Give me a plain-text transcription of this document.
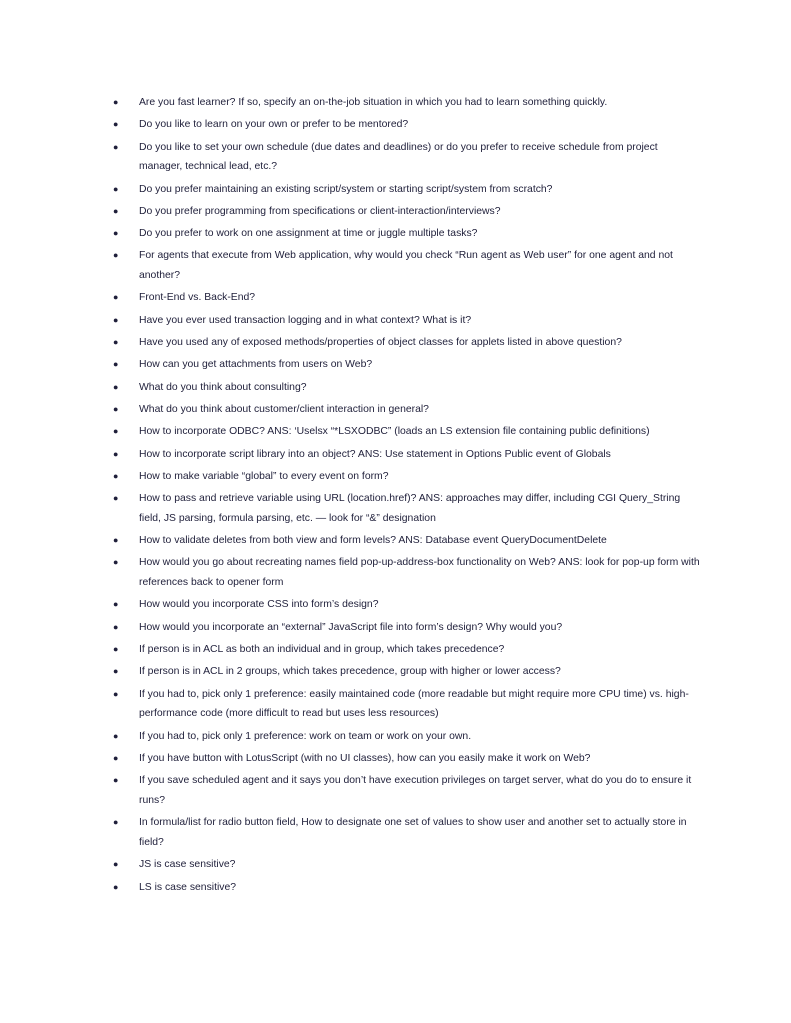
●	Are you fast learner? If so, specify an on-the-job situation in which you had to learn something quickly.
●	Do you like to learn on your own or prefer to be mentored?
●	Do you like to set your own schedule (due dates and deadlines) or do you prefer to receive schedule from project manager, technical lead, etc.?
●	Do you prefer maintaining an existing script/system or starting script/system from scratch?
●	Do you prefer programming from specifications or client-interaction/interviews?
●	Do you prefer to work on one assignment at time or juggle multiple tasks?
●	For agents that execute from Web application, why would you check “Run agent as Web user” for one agent and not another?
●	Front-End vs. Back-End?
●	Have you ever used transaction logging and in what context? What is it?
●	Have you used any of exposed methods/properties of object classes for applets listed in above question?
●	How can you get attachments from users on Web?
●	What do you think about consulting?
●	What do you think about customer/client interaction in general?
●	How to incorporate ODBC? ANS: ‘Uselsx “*LSXODBC” (loads an LS extension file containing public definitions)
●	How to incorporate script library into an object? ANS: Use statement in Options Public event of Globals
●	How to make variable “global” to every event on form?
●	How to pass and retrieve variable using URL (location.href)? ANS: approaches may differ, including CGI Query_String field, JS parsing, formula parsing, etc. — look for “&” designation
●	How to validate deletes from both view and form levels? ANS: Database event QueryDocumentDelete
●	How would you go about recreating names field pop-up-address-box functionality on Web? ANS: look for pop-up form with references back to opener form
●	How would you incorporate CSS into form’s design?
●	How would you incorporate an “external” JavaScript file into form’s design? Why would you?
●	If person is in ACL as both an individual and in group, which takes precedence?
●	If person is in ACL in 2 groups, which takes precedence, group with higher or lower access?
●	If you had to, pick only 1 preference: easily maintained code (more readable but might require more CPU time) vs. high-performance code (more difficult to read but uses less resources)
●	If you had to, pick only 1 preference: work on team or work on your own.
●	If you have button with LotusScript (with no UI classes), how can you easily make it work on Web?
●	If you save scheduled agent and it says you don’t have execution privileges on target server, what do you do to ensure it runs?
●	In formula/list for radio button field, How to designate one set of values to show user and another set to actually store in field?
●	JS is case sensitive?
●	LS is case sensitive?
